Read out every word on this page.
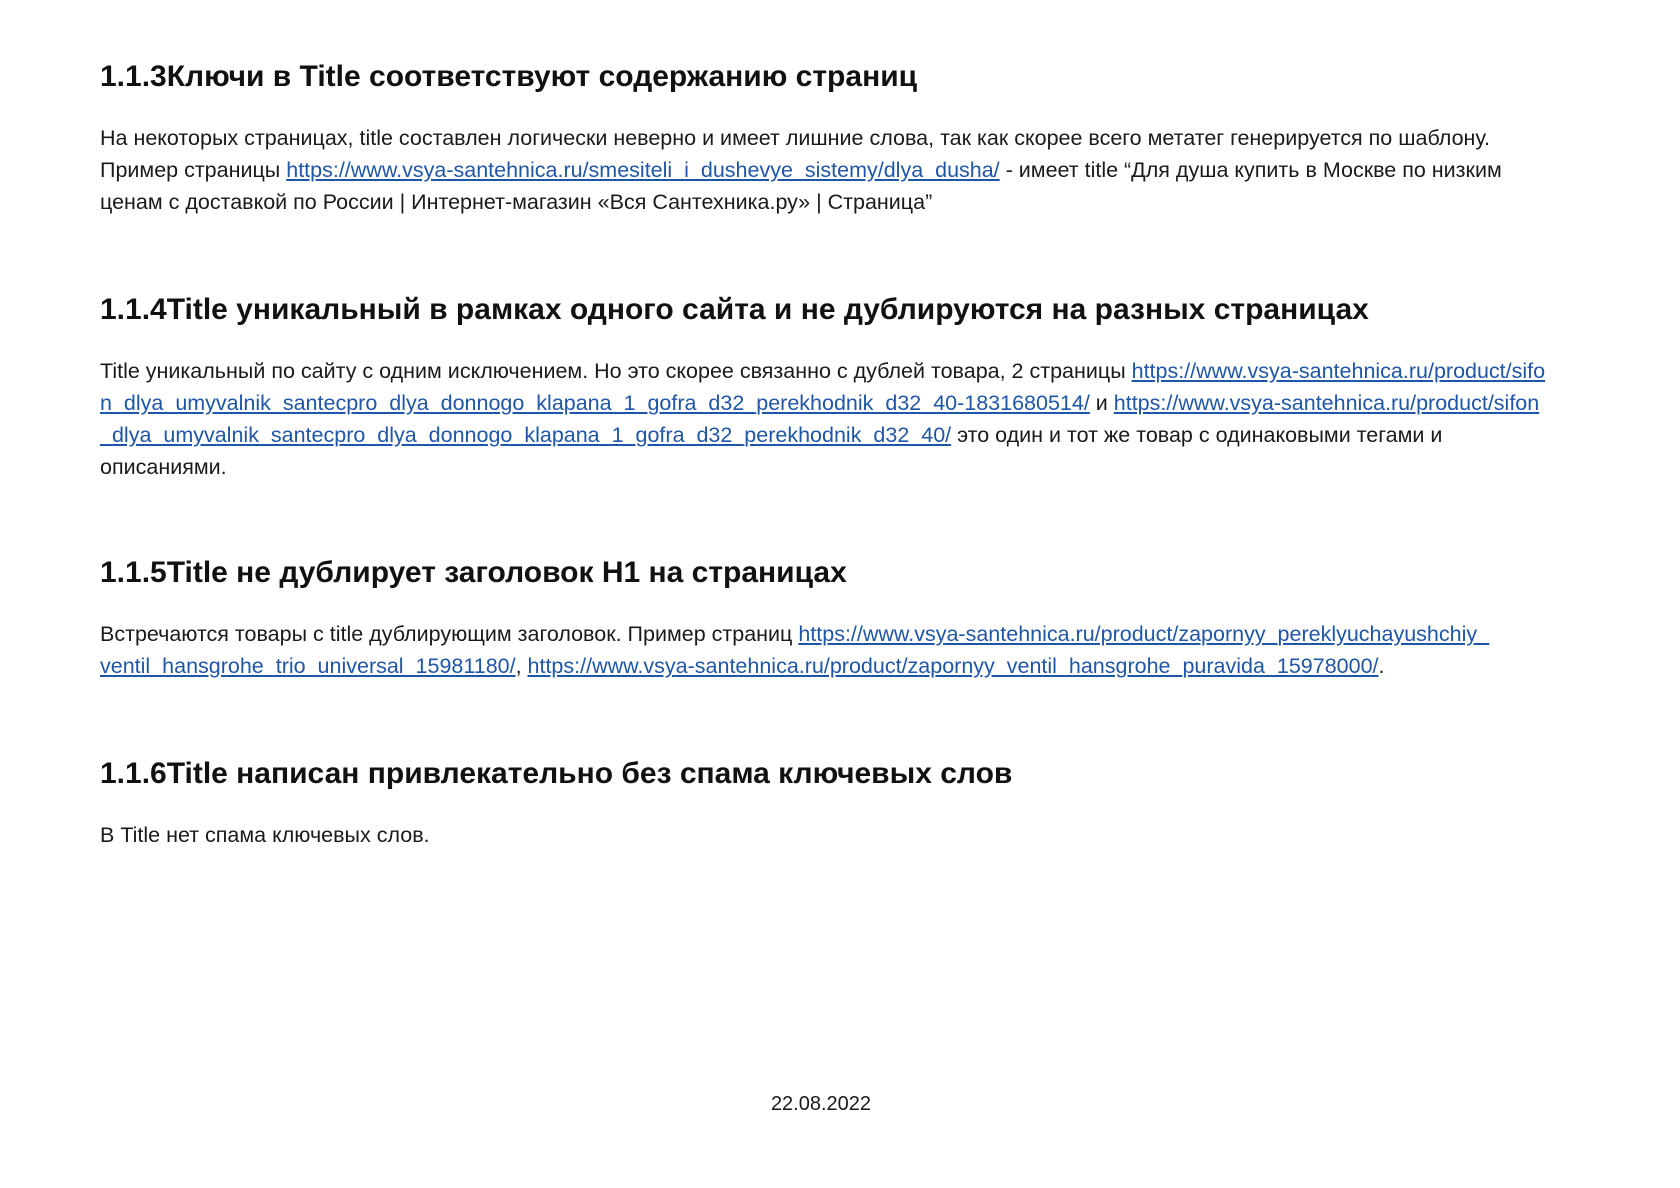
1.1.3Ключи в Title соответствуют содержанию страниц

На некоторых страницах, title составлен логически неверно и имеет лишние слова, так как скорее всего метатег генерируется по шаблону. Пример страницы https://www.vsya-santehnica.ru/smesiteli_i_dushevye_sistemy/dlya_dusha/ - имеет title “Для душа купить в Москве по низким ценам с доставкой по России | Интернет-магазин «Вся Сантехника.ру» | Страница”

1.1.4Title уникальный в рамках одного сайта и не дублируются на разных страницах

Title уникальный по сайту с одним исключением. Но это скорее связанно с дублей товара, 2 страницы https://www.vsya-santehnica.ru/product/sifon_dlya_umyvalnik_santecpro_dlya_donnogo_klapana_1_gofra_d32_perekhodnik_d32_40-1831680514/ и https://www.vsya-santehnica.ru/product/sifon_dlya_umyvalnik_santecpro_dlya_donnogo_klapana_1_gofra_d32_perekhodnik_d32_40/ это один и тот же товар с одинаковыми тегами и описаниями.

1.1.5Title не дублирует заголовок H1 на страницах

Встречаются товары с title дублирующим заголовок. Пример страниц https://www.vsya-santehnica.ru/product/zapornyy_pereklyuchayushchiy_ventil_hansgrohe_trio_universal_15981180/, https://www.vsya-santehnica.ru/product/zapornyy_ventil_hansgrohe_puravida_15978000/.

1.1.6Title написан привлекательно без спама ключевых слов

В Title нет спама ключевых слов.

22.08.2022
